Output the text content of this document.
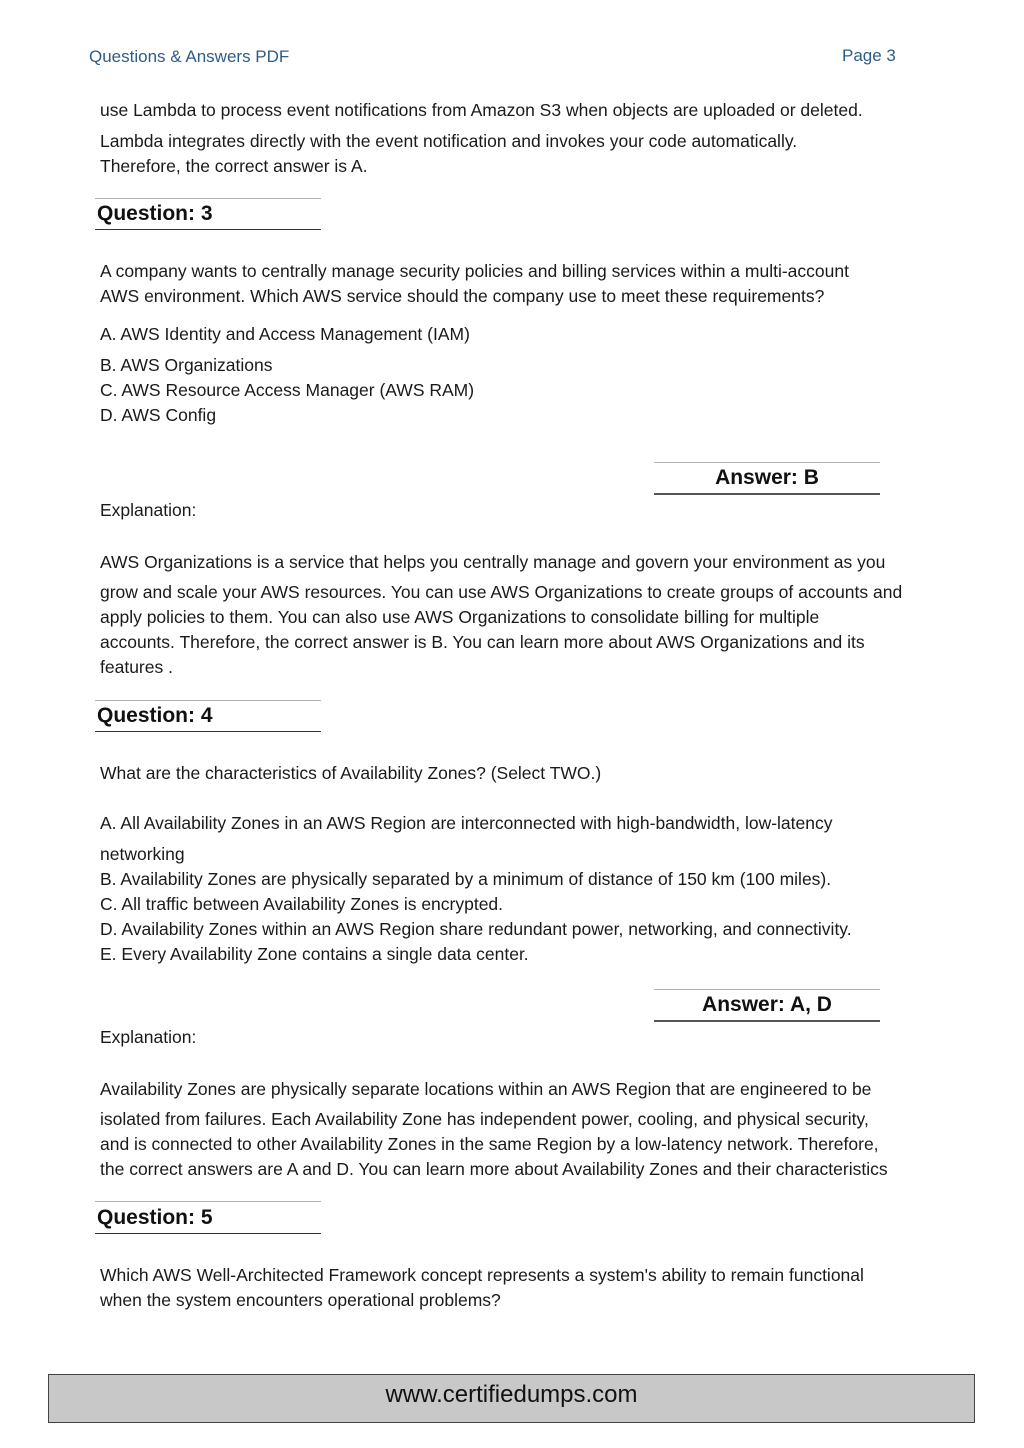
Questions & Answers PDF	Page 3
use Lambda to process event notifications from Amazon S3 when objects are uploaded or deleted.
Lambda integrates directly with the event notification and invokes your code automatically.
Therefore, the correct answer is A.
Question: 3
A company wants to centrally manage security policies and billing services within a multi-account
AWS environment. Which AWS service should the company use to meet these requirements?
A. AWS Identity and Access Management (IAM)
B. AWS Organizations
C. AWS Resource Access Manager (AWS RAM)
D. AWS Config
Answer: B
Explanation:
AWS Organizations is a service that helps you centrally manage and govern your environment as you
grow and scale your AWS resources. You can use AWS Organizations to create groups of accounts and
apply policies to them. You can also use AWS Organizations to consolidate billing for multiple
accounts. Therefore, the correct answer is B. You can learn more about AWS Organizations and its
features .
Question: 4
What are the characteristics of Availability Zones? (Select TWO.)
A. All Availability Zones in an AWS Region are interconnected with high-bandwidth, low-latency
networking
B. Availability Zones are physically separated by a minimum of distance of 150 km (100 miles).
C. All traffic between Availability Zones is encrypted.
D. Availability Zones within an AWS Region share redundant power, networking, and connectivity.
E. Every Availability Zone contains a single data center.
Answer: A, D
Explanation:
Availability Zones are physically separate locations within an AWS Region that are engineered to be
isolated from failures. Each Availability Zone has independent power, cooling, and physical security,
and is connected to other Availability Zones in the same Region by a low-latency network. Therefore,
the correct answers are A and D. You can learn more about Availability Zones and their characteristics
Question: 5
Which AWS Well-Architected Framework concept represents a system's ability to remain functional
when the system encounters operational problems?
www.certifiedumps.com
